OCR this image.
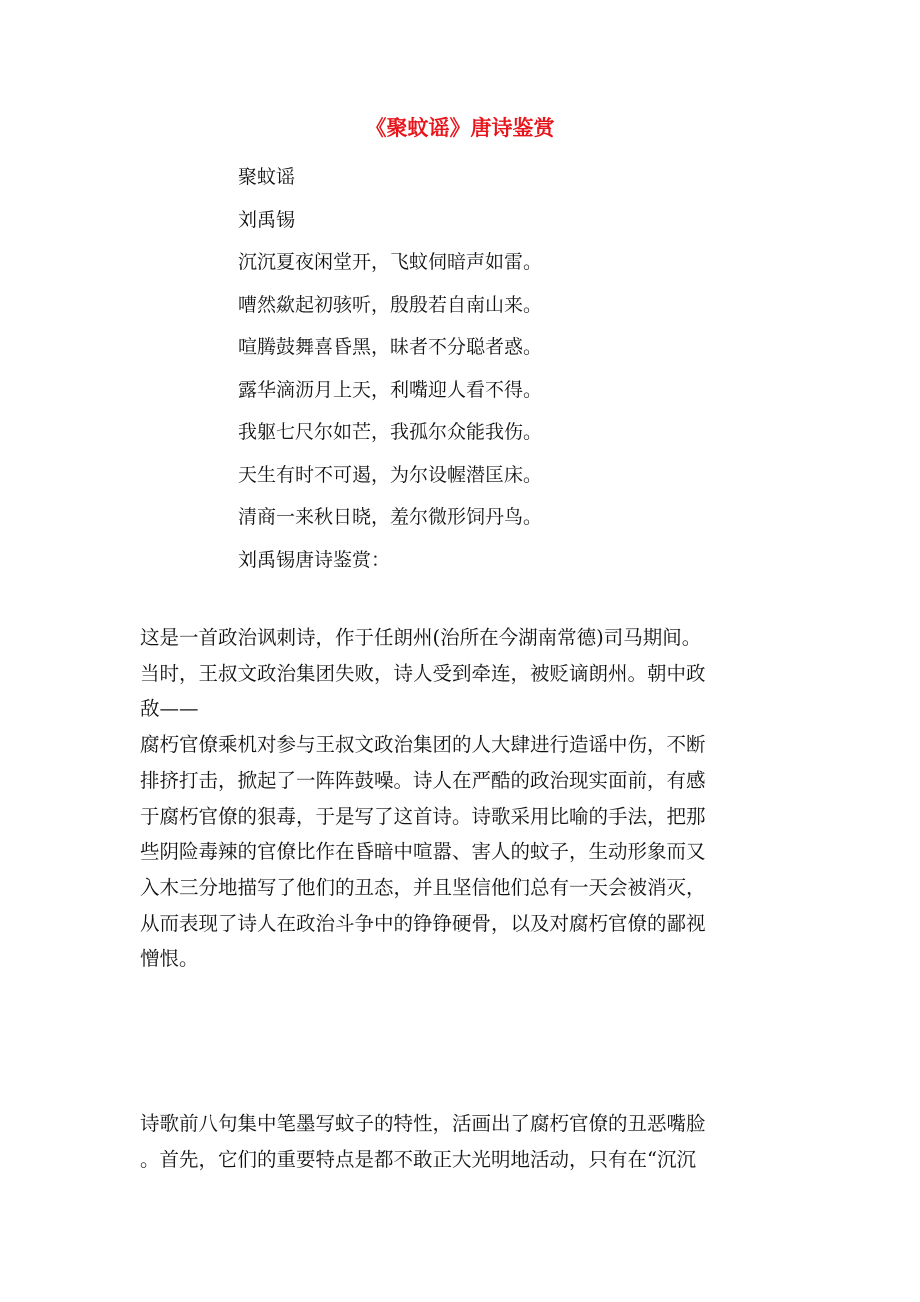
《聚蚊谣》唐诗鉴赏
聚蚊谣
刘禹锡
沉沉夏夜闲堂开，飞蚊伺暗声如雷。
嘈然歘起初骇听，殷殷若自南山来。
喧腾鼓舞喜昏黑，昧者不分聪者惑。
露华滴沥月上天，利嘴迎人看不得。
我躯七尺尔如芒，我孤尔众能我伤。
天生有时不可遏，为尔设幄潜匡床。
清商一来秋日晓，羞尔微形饲丹鸟。
刘禹锡唐诗鉴赏：
这是一首政治讽刺诗，作于任朗州(治所在今湖南常德)司马期间。
当时，王叔文政治集团失败，诗人受到牵连，被贬谪朗州。朝中政
敌——
腐朽官僚乘机对参与王叔文政治集团的人大肆进行造谣中伤，不断
排挤打击，掀起了一阵阵鼓噪。诗人在严酷的政治现实面前，有感
于腐朽官僚的狠毒，于是写了这首诗。诗歌采用比喻的手法，把那
些阴险毒辣的官僚比作在昏暗中喧嚣、害人的蚊子，生动形象而又
入木三分地描写了他们的丑态，并且坚信他们总有一天会被消灭，
从而表现了诗人在政治斗争中的铮铮硬骨，以及对腐朽官僚的鄙视
憎恨。
诗歌前八句集中笔墨写蚊子的特性，活画出了腐朽官僚的丑恶嘴脸
。首先，它们的重要特点是都不敢正大光明地活动，只有在“沉沉
